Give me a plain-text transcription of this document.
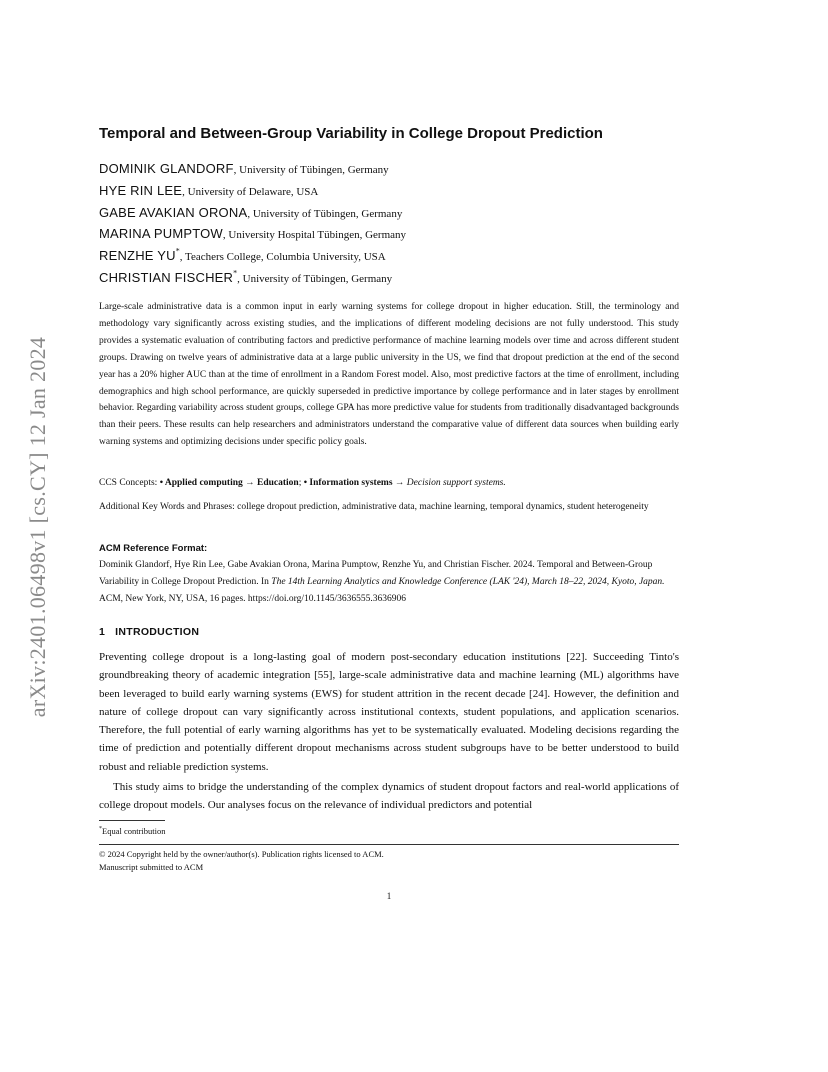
arXiv:2401.06498v1 [cs.CY] 12 Jan 2024
Temporal and Between-Group Variability in College Dropout Prediction
DOMINIK GLANDORF, University of Tübingen, Germany
HYE RIN LEE, University of Delaware, USA
GABE AVAKIAN ORONA, University of Tübingen, Germany
MARINA PUMPTOW, University Hospital Tübingen, Germany
RENZHE YU*, Teachers College, Columbia University, USA
CHRISTIAN FISCHER*, University of Tübingen, Germany

Large-scale administrative data is a common input in early warning systems for college dropout in higher education. Still, the terminology and methodology vary significantly across existing studies, and the implications of different modeling decisions are not fully understood. This study provides a systematic evaluation of contributing factors and predictive performance of machine learning models over time and across different student groups. Drawing on twelve years of administrative data at a large public university in the US, we find that dropout prediction at the end of the second year has a 20% higher AUC than at the time of enrollment in a Random Forest model. Also, most predictive factors at the time of enrollment, including demographics and high school performance, are quickly superseded in predictive importance by college performance and in later stages by enrollment behavior. Regarding variability across student groups, college GPA has more predictive value for students from traditionally disadvantaged backgrounds than their peers. These results can help researchers and administrators understand the comparative value of different data sources when building early warning systems and optimizing decisions under specific policy goals.

CCS Concepts: • Applied computing → Education; • Information systems → Decision support systems.

Additional Key Words and Phrases: college dropout prediction, administrative data, machine learning, temporal dynamics, student heterogeneity

ACM Reference Format:

Dominik Glandorf, Hye Rin Lee, Gabe Avakian Orona, Marina Pumptow, Renzhe Yu, and Christian Fischer. 2024. Temporal and Between-Group Variability in College Dropout Prediction. In The 14th Learning Analytics and Knowledge Conference (LAK '24), March 18–22, 2024, Kyoto, Japan. ACM, New York, NY, USA, 16 pages. https://doi.org/10.1145/3636555.3636906

1 INTRODUCTION

Preventing college dropout is a long-lasting goal of modern post-secondary education institutions [22]. Succeeding Tinto's groundbreaking theory of academic integration [55], large-scale administrative data and machine learning (ML) algorithms have been leveraged to build early warning systems (EWS) for student attrition in the recent decade [24]. However, the definition and nature of college dropout can vary significantly across institutional contexts, student populations, and application scenarios. Therefore, the full potential of early warning algorithms has yet to be systematically evaluated. Modeling decisions regarding the time of prediction and potentially different dropout mechanisms across student subgroups have to be better understood to build robust and reliable prediction systems.

This study aims to bridge the understanding of the complex dynamics of student dropout factors and real-world applications of college dropout models. Our analyses focus on the relevance of individual predictors and potential

*Equal contribution
© 2024 Copyright held by the owner/author(s). Publication rights licensed to ACM.
Manuscript submitted to ACM
1
